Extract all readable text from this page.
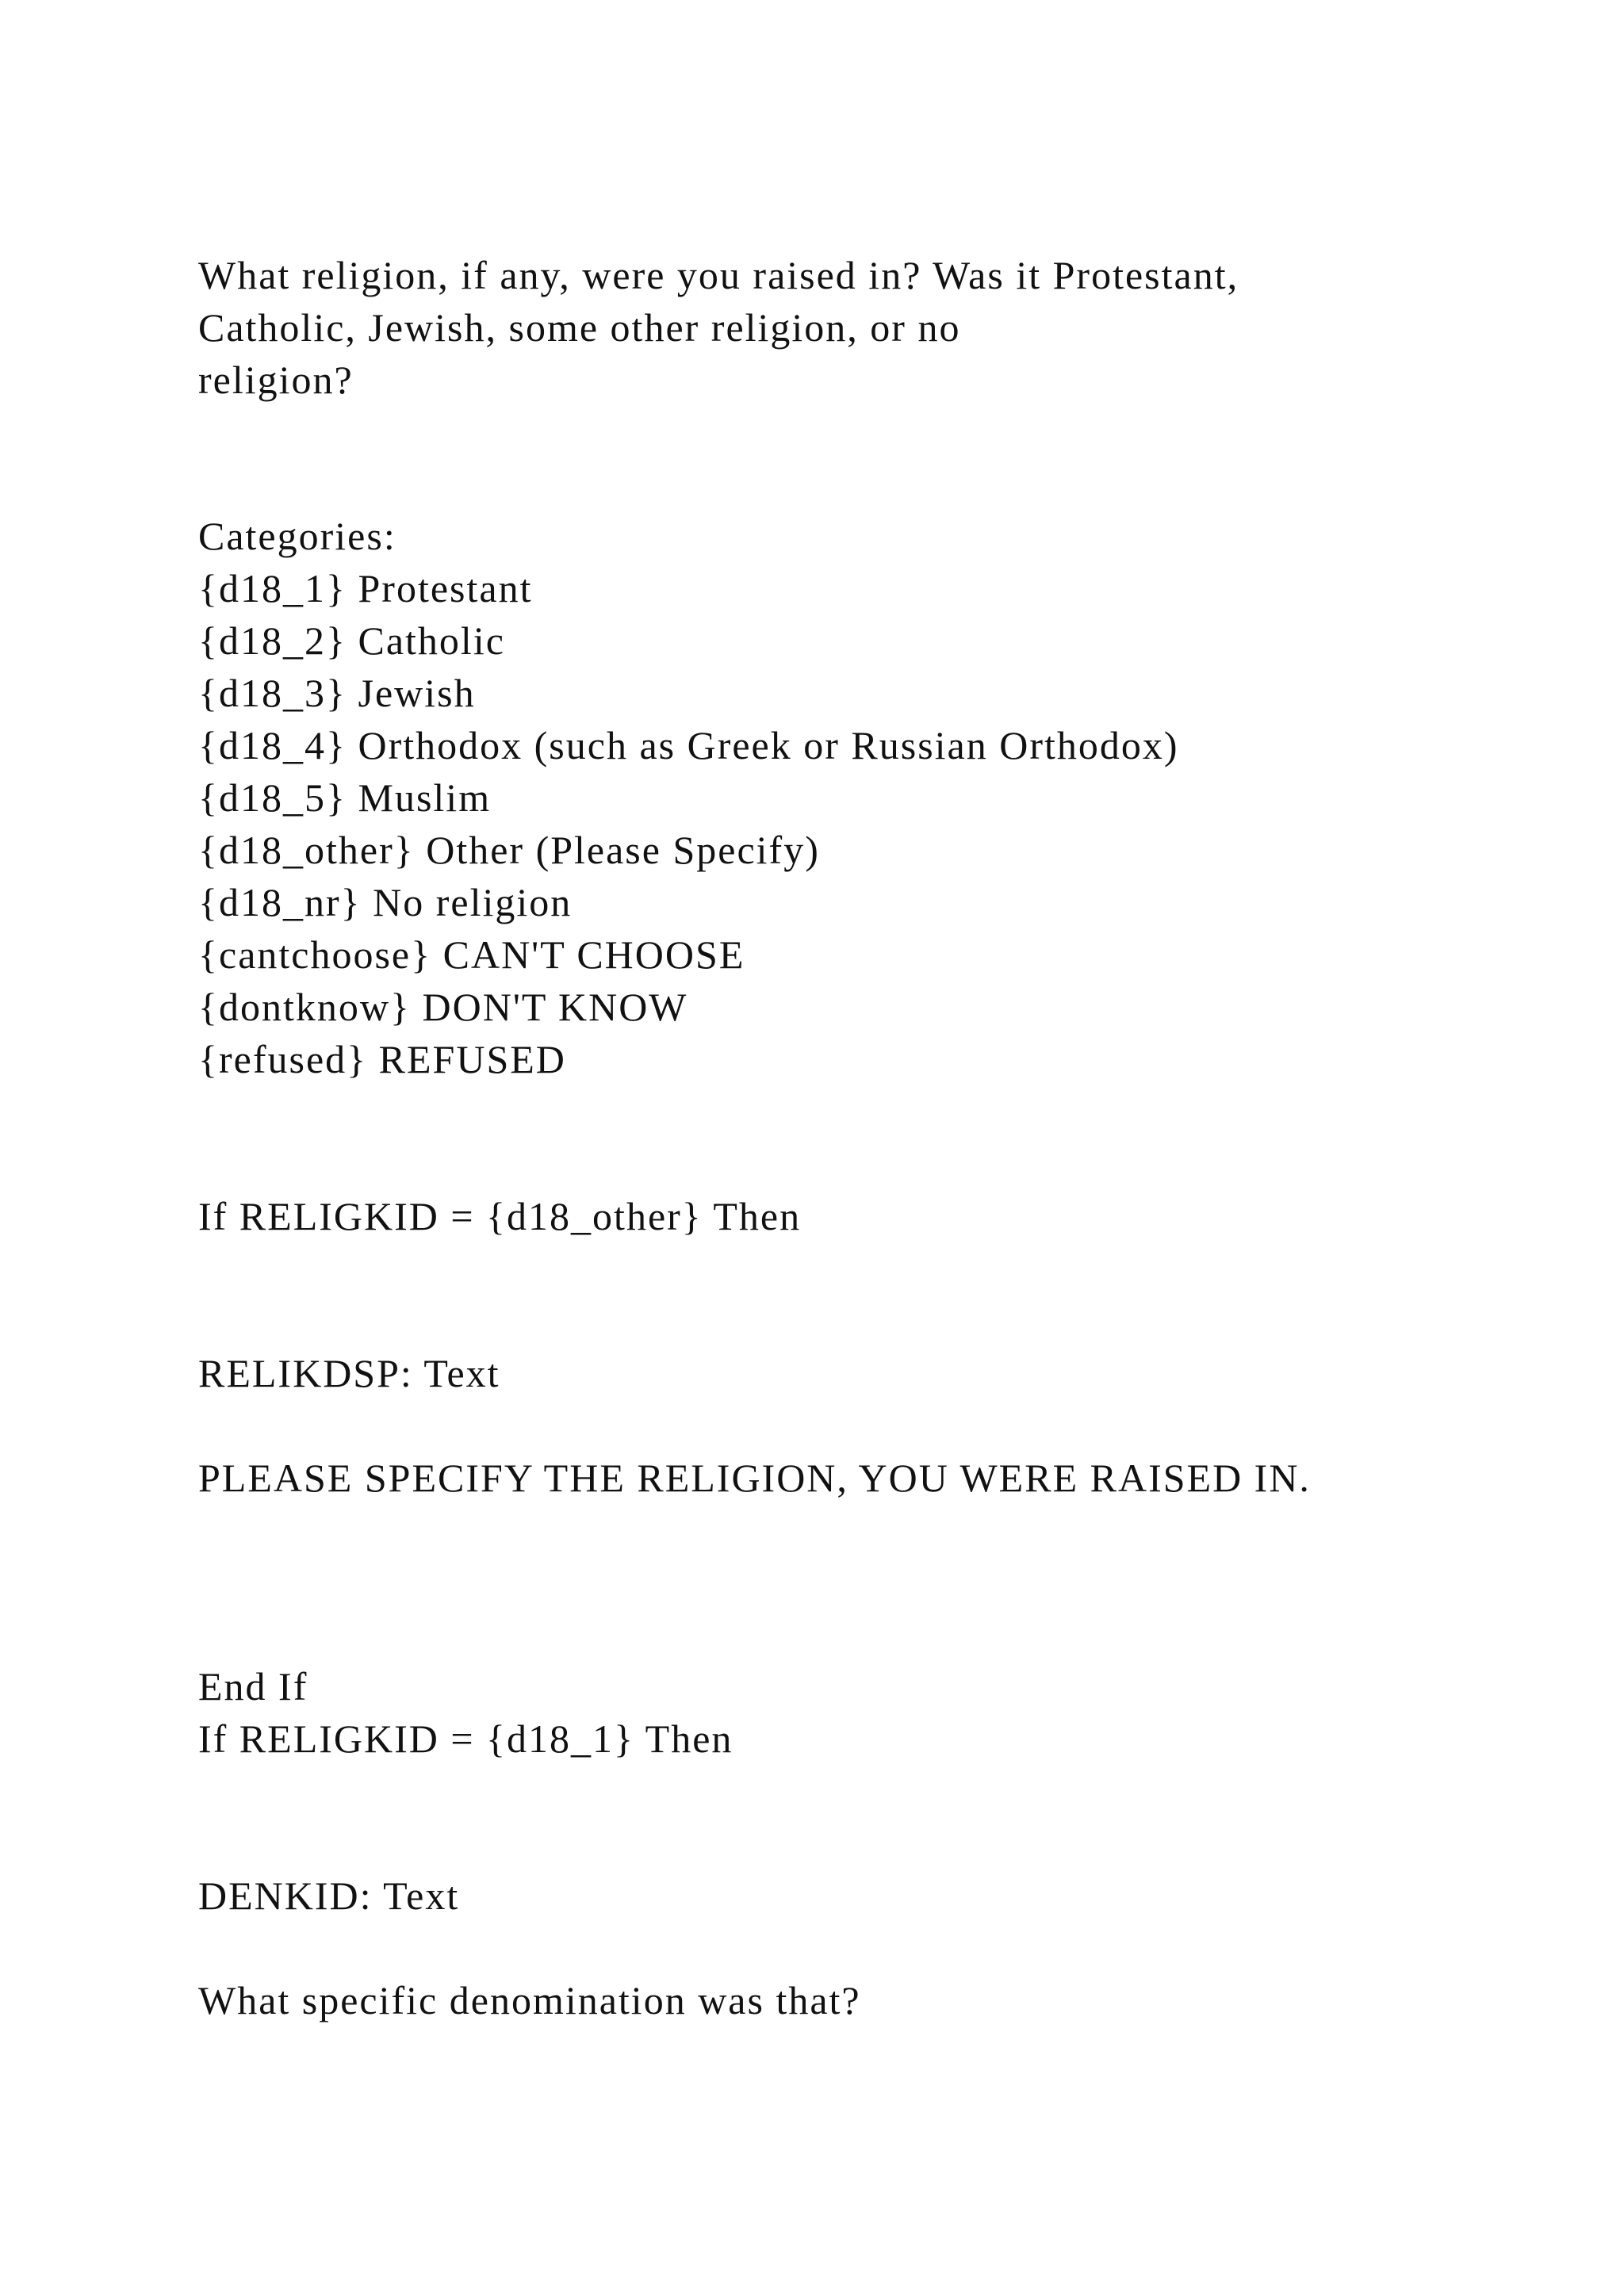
What religion, if any, were you raised in? Was it Protestant,
Catholic, Jewish, some other religion, or no
religion?
Categories:
{d18_1} Protestant
{d18_2} Catholic
{d18_3} Jewish
{d18_4} Orthodox (such as Greek or Russian Orthodox)
{d18_5} Muslim
{d18_other} Other (Please Specify)
{d18_nr} No religion
{cantchoose} CAN'T CHOOSE
{dontknow} DON'T KNOW
{refused} REFUSED
If RELIGKID = {d18_other} Then
RELIKDSP: Text
PLEASE SPECIFY THE RELIGION, YOU WERE RAISED IN.
End If
If RELIGKID = {d18_1} Then
DENKID: Text
What specific denomination was that?
